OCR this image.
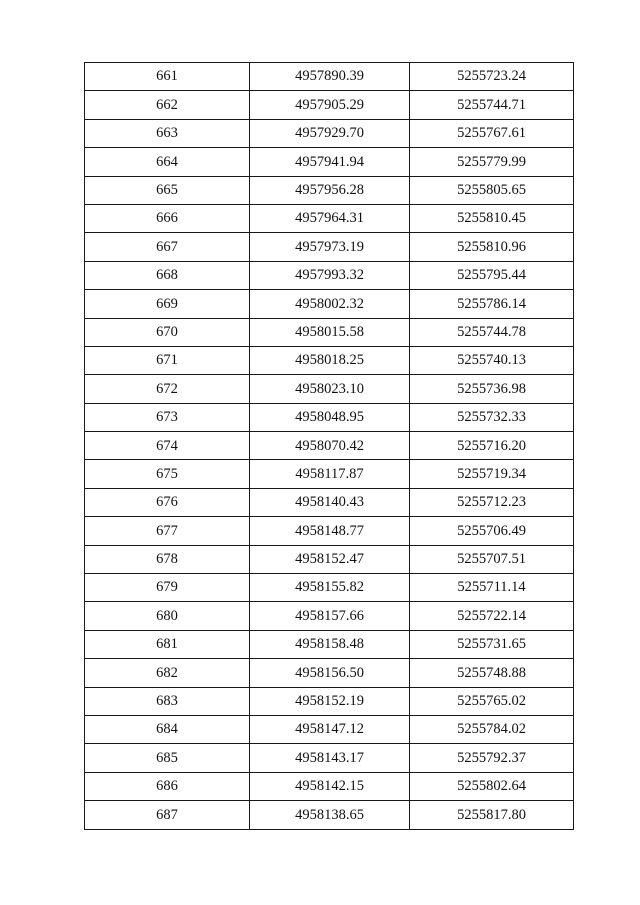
661	4957890.39	5255723.24
662	4957905.29	5255744.71
663	4957929.70	5255767.61
664	4957941.94	5255779.99
665	4957956.28	5255805.65
666	4957964.31	5255810.45
667	4957973.19	5255810.96
668	4957993.32	5255795.44
669	4958002.32	5255786.14
670	4958015.58	5255744.78
671	4958018.25	5255740.13
672	4958023.10	5255736.98
673	4958048.95	5255732.33
674	4958070.42	5255716.20
675	4958117.87	5255719.34
676	4958140.43	5255712.23
677	4958148.77	5255706.49
678	4958152.47	5255707.51
679	4958155.82	5255711.14
680	4958157.66	5255722.14
681	4958158.48	5255731.65
682	4958156.50	5255748.88
683	4958152.19	5255765.02
684	4958147.12	5255784.02
685	4958143.17	5255792.37
686	4958142.15	5255802.64
687	4958138.65	5255817.80
